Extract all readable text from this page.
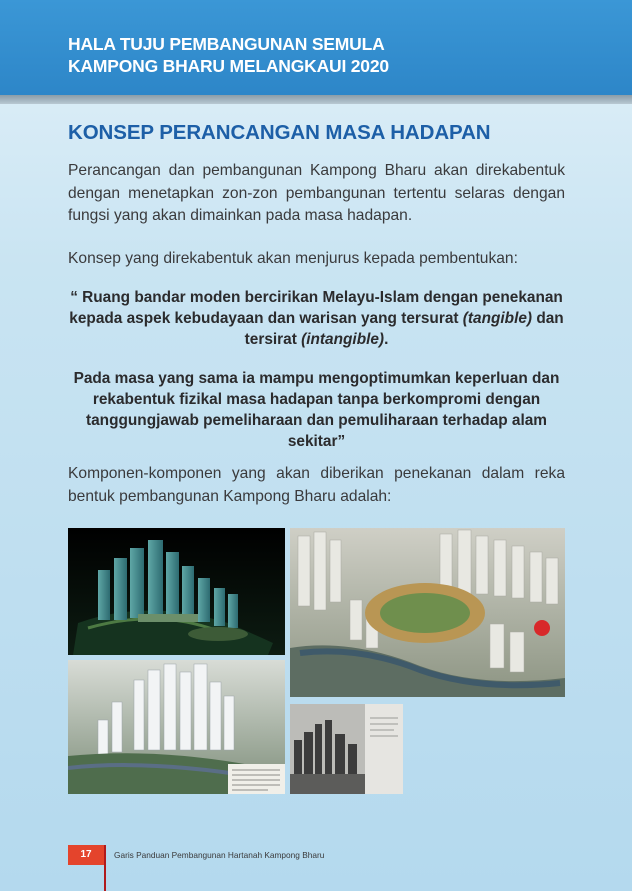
HALA TUJU PEMBANGUNAN SEMULA
KAMPONG BHARU MELANGKAUI 2020
KONSEP PERANCANGAN MASA HADAPAN

Perancangan dan pembangunan Kampong Bharu akan direkabentuk dengan menetapkan zon-zon pembangunan tertentu selaras dengan fungsi yang akan dimainkan pada masa hadapan.

Konsep yang direkabentuk akan menjurus kepada pembentukan:

“ Ruang bandar moden bercirikan Melayu-Islam dengan penekanan kepada aspek kebudayaan dan warisan yang tersurat (tangible) dan tersirat (intangible).

Pada masa yang sama ia mampu mengoptimumkan keperluan dan rekabentuk fizikal masa hadapan tanpa berkompromi dengan tanggungjawab pemeliharaan dan pemuliharaan terhadap alam sekitar”

Komponen-komponen yang akan diberikan penekanan dalam reka bentuk pembangunan Kampong Bharu adalah:

17	Garis Panduan Pembangunan Hartanah Kampong Bharu
